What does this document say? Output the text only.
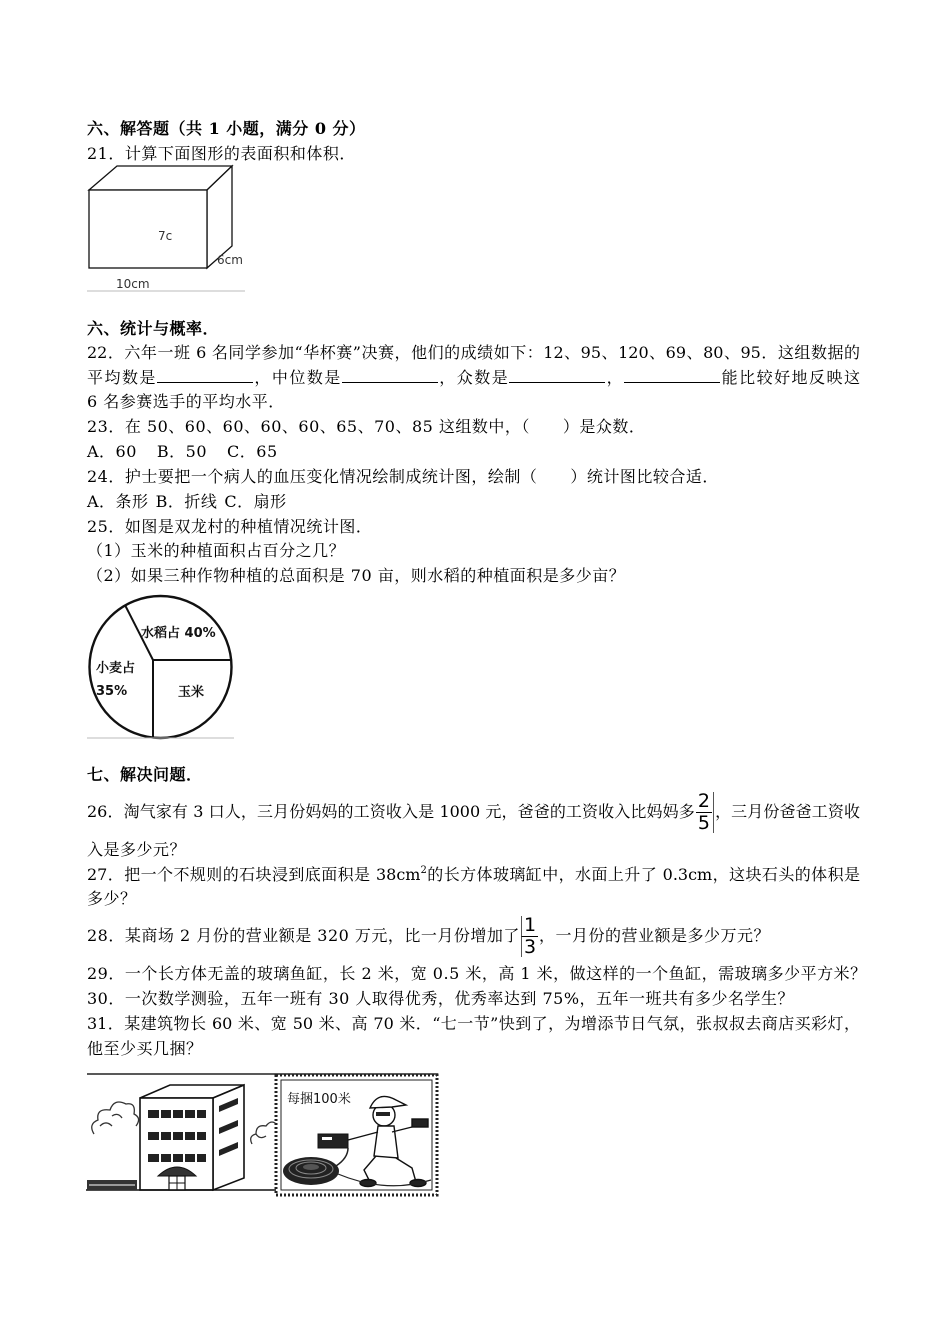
六、解答题（共 1 小题，满分 0 分）
21．计算下面图形的表面积和体积．
7c
6cm
10cm
六、统计与概率．
22．六年一班 6 名同学参加“华杯赛”决赛，他们的成绩如下：12、95、120、69、80、95．这组数据的
平均数是	，中位数是	，众数是	，	能比较好地反映这
6 名参赛选手的平均水平．
23．在 50、60、60、60、60、65、70、85 这组数中，（　　）是众数．
A．60 B．50 C．65
24．护士要把一个病人的血压变化情况绘制成统计图，绘制（　　）统计图比较合适．
A．条形 B．折线 C．扇形
25．如图是双龙村的种植情况统计图．
（1）玉米的种植面积占百分之几？
（2）如果三种作物种植的总面积是 70 亩，则水稻的种植面积是多少亩？
水稻占 40%
小麦占
35%	玉米
七、解决问题．
26．淘气家有 3 口人，三月份妈妈的工资收入是 1000 元，爸爸的工资收入比妈妈多 $\frac{2}{5}$ ，三月份爸爸工资收
入是多少元？
27．把一个不规则的石块浸到底面积是 $38cm^2$的长方体玻璃缸中，水面上升了 0.3cm，这块石头的体积是
多少？
28．某商场 2 月份的营业额是 320 万元，比一月份增加了 $\frac{1}{3}$ ，一月份的营业额是多少万元？
29．一个长方体无盖的玻璃鱼缸，长 2 米，宽 0.5 米，高 1 米，做这样的一个鱼缸，需玻璃多少平方米？
30．一次数学测验，五年一班有 30 人取得优秀，优秀率达到 75%，五年一班共有多少名学生？
31．某建筑物长 60 米、宽 50 米、高 70 米．“七一节”快到了，为增添节日气氛，张叔叔去商店买彩灯，
他至少买几捆？
每捆100米
